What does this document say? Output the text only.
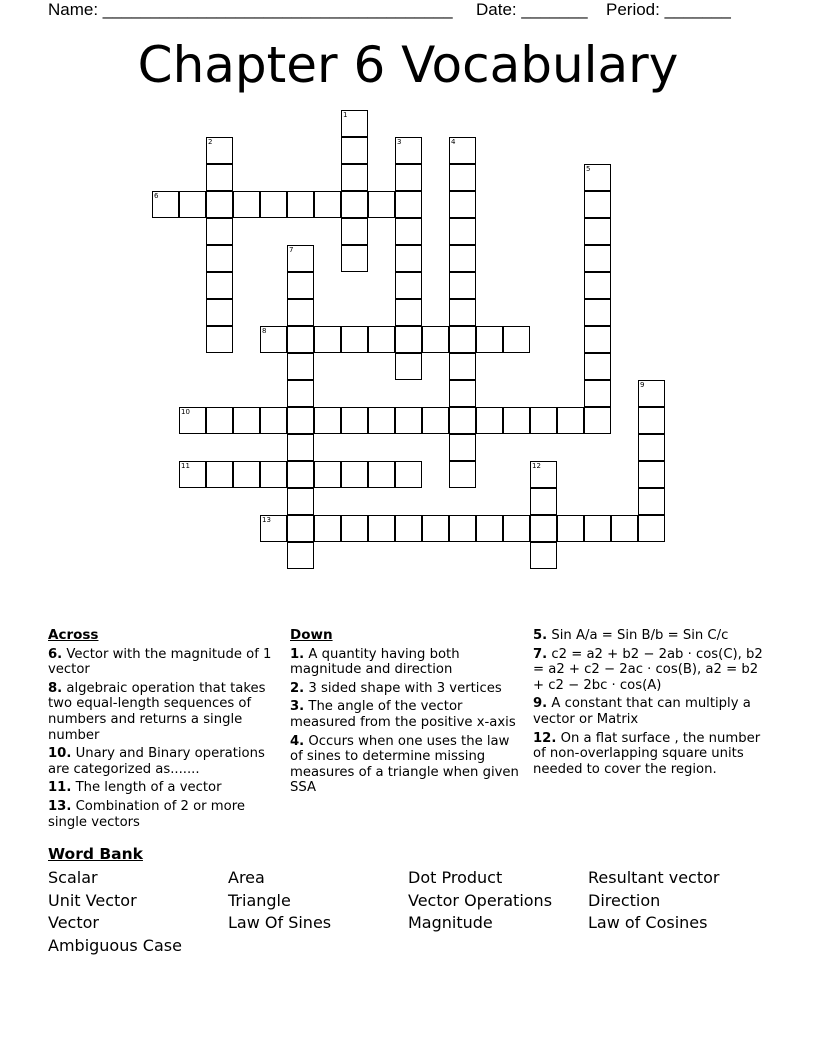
Name: _____________________________________ Date: _______ Period: _______
Chapter 6 Vocabulary
1
2	3	4
5
6
7
8
9
10
11	12
13
Across
6. Vector with the magnitude of 1 vector
8. algebraic operation that takes two equal-length sequences of numbers and returns a single number
10. Unary and Binary operations are categorized as.......
11. The length of a vector
13. Combination of 2 or more single vectors
Down
1. A quantity having both magnitude and direction
2. 3 sided shape with 3 vertices
3. The angle of the vector measured from the positive x-axis
4. Occurs when one uses the law of sines to determine missing measures of a triangle when given SSA
5. Sin A/a = Sin B/b = Sin C/c
7. c2 = a2 + b2 − 2ab · cos(C), b2 = a2 + c2 − 2ac · cos(B), a2 = b2 + c2 − 2bc · cos(A)
9. A constant that can multiply a vector or Matrix
12. On a flat surface , the number of non-overlapping square units needed to cover the region.
Word Bank
Scalar	Area	Dot Product	Resultant vector
Unit Vector	Triangle	Vector Operations	Direction
Vector	Law Of Sines	Magnitude	Law of Cosines
Ambiguous Case
